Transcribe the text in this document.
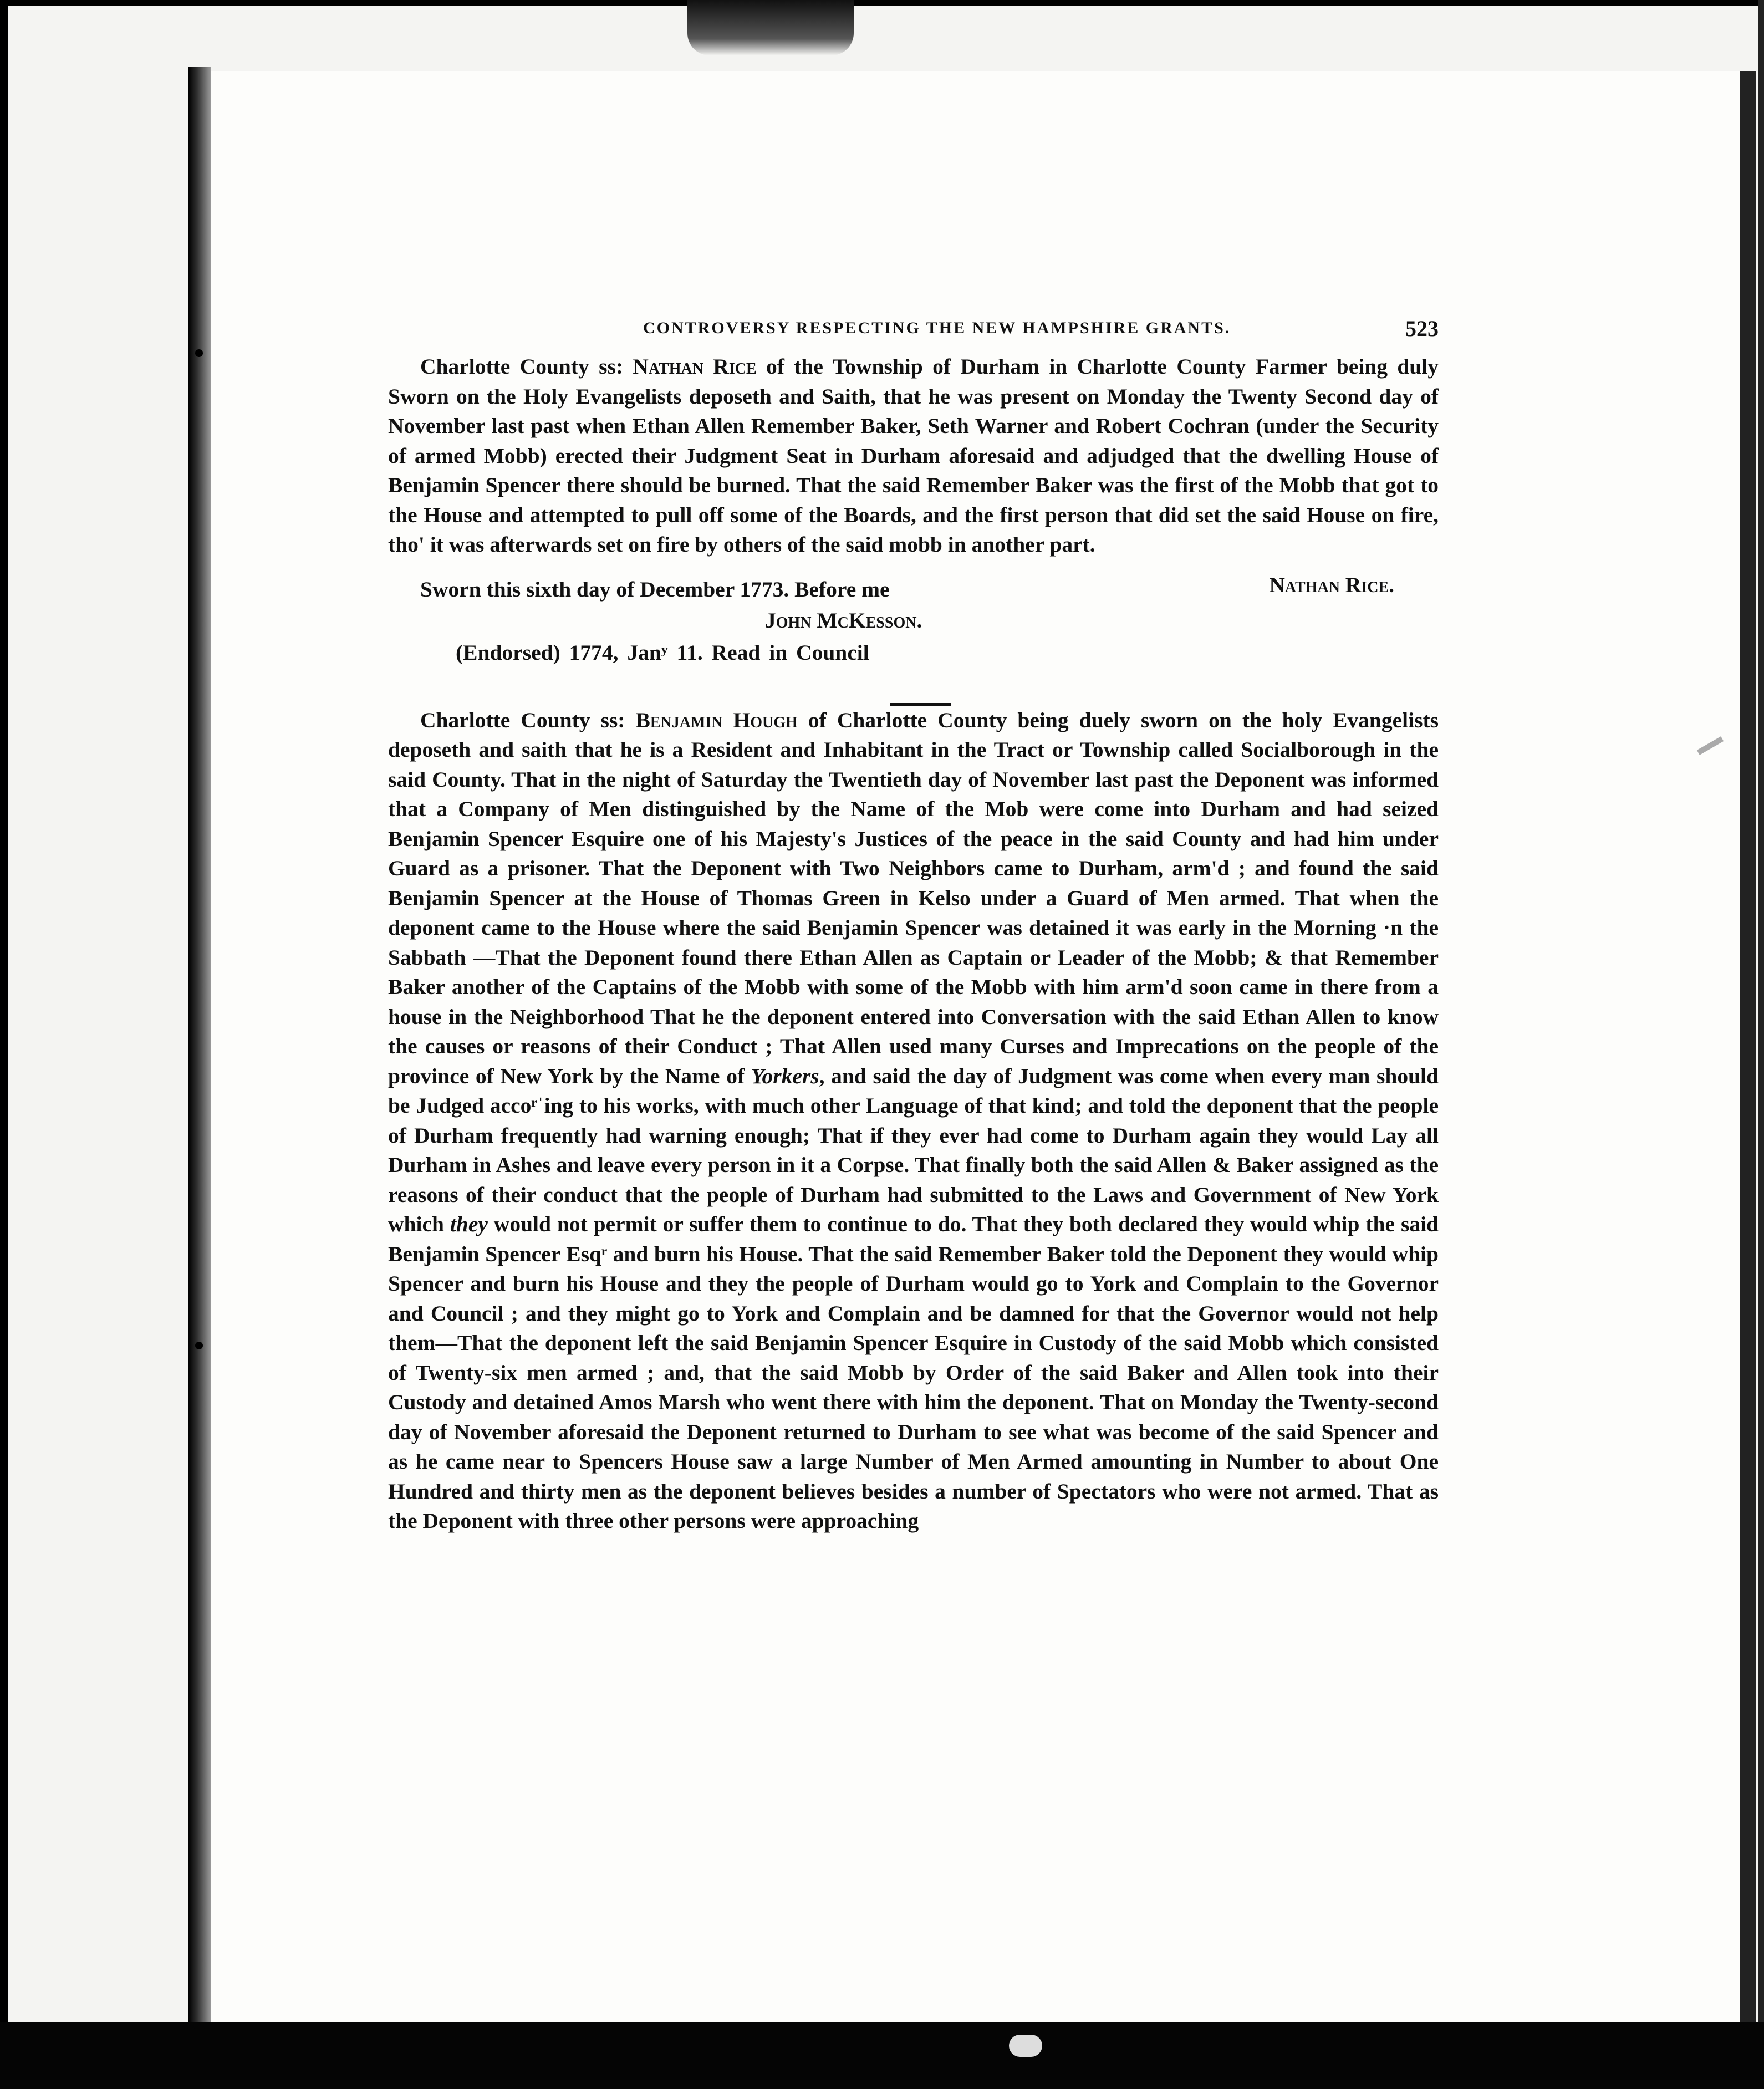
CONTROVERSY RESPECTING THE NEW HAMPSHIRE GRANTS.	523

Charlotte County ss: Nathan Rice of the Township of Durham in Charlotte County Farmer being duly Sworn on the Holy Evangelists deposeth and Saith, that he was present on Monday the Twenty Second day of November last past when Ethan Allen Remember Baker, Seth Warner and Robert Cochran (under the Security of armed Mobb) erected their Judgment Seat in Durham aforesaid and adjudged that the dwelling House of Benjamin Spencer there should be burned. That the said Remember Baker was the first of the Mobb that got to the House and attempted to pull off some of the Boards, and the first person that did set the said House on fire, tho' it was afterwards set on fire by others of the said mobb in another part.

Sworn this sixth day of December 1773. Before me	Nathan Rice.
John McKesson.
(Endorsed) 1774, Janʸ 11. Read in Council

Charlotte County ss: Benjamin Hough of Charlotte County being duely sworn on the holy Evangelists deposeth and saith that he is a Resident and Inhabitant in the Tract or Township called Socialborough in the said County. That in the night of Saturday the Twentieth day of November last past the Deponent was informed that a Company of Men distinguished by the Name of the Mob were come into Durham and had seized Benjamin Spencer Esquire one of his Majesty's Justices of the peace in the said County and had him under Guard as a prisoner. That the Deponent with Two Neighbors came to Durham, arm'd ; and found the said Benjamin Spencer at the House of Thomas Green in Kelso under a Guard of Men armed. That when the deponent came to the House where the said Benjamin Spencer was detained it was early in the Morning ·n the Sabbath —That the Deponent found there Ethan Allen as Captain or Leader of the Mobb; & that Remember Baker another of the Captains of the Mobb with some of the Mobb with him arm'd soon came in there from a house in the Neighborhood That he the deponent entered into Conversation with the said Ethan Allen to know the causes or reasons of their Conduct ; That Allen used many Curses and Imprecations on the people of the province of New York by the Name of Yorkers, and said the day of Judgment was come when every man should be Judged accoʳˈing to his works, with much other Language of that kind; and told the deponent that the people of Durham frequently had warning enough; That if they ever had come to Durham again they would Lay all Durham in Ashes and leave every person in it a Corpse. That finally both the said Allen & Baker assigned as the reasons of their conduct that the people of Durham had submitted to the Laws and Government of New York which they would not permit or suffer them to continue to do. That they both declared they would whip the said Benjamin Spencer Esqʳ and burn his House. That the said Remember Baker told the Deponent they would whip Spencer and burn his House and they the people of Durham would go to York and Complain to the Governor and Council ; and they might go to York and Complain and be damned for that the Governor would not help them—That the deponent left the said Benjamin Spencer Esquire in Custody of the said Mobb which consisted of Twenty-six men armed ; and, that the said Mobb by Order of the said Baker and Allen took into their Custody and detained Amos Marsh who went there with him the deponent. That on Monday the Twenty-second day of November aforesaid the Deponent returned to Durham to see what was become of the said Spencer and as he came near to Spencers House saw a large Number of Men Armed amounting in Number to about One Hundred and thirty men as the deponent believes besides a number of Spectators who were not armed. That as the Deponent with three other persons were approaching
